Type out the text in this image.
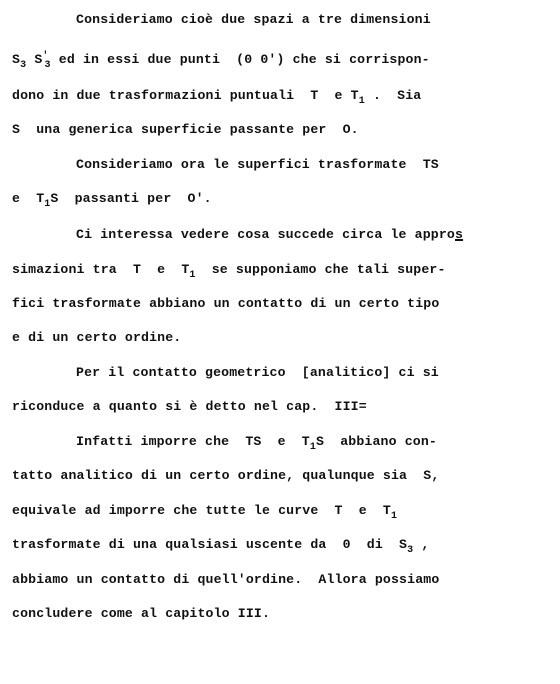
Consideriamo cioè due spazi a tre dimensioni
$S_3$ $S'_3$ ed in essi due punti  (0 0') che si corrispon-
dono in due trasformazioni puntuali  T  e $T_1$ .  Sia
S  una generica superficie passante per  O.
Consideriamo ora le superfici trasformate  TS
e  $T_1S$  passanti per  O'.
Ci interessa vedere cosa succede circa le appros
simazioni tra  T  e  $T_1$  se supponiamo che tali super-
fici trasformate abbiano un contatto di un certo tipo
e di un certo ordine.
Per il contatto geometrico  [analitico] ci si
riconduce a quanto si è detto nel cap.  III=
Infatti imporre che  TS  e  $T_1S$  abbiano con-
tatto analitico di un certo ordine, qualunque sia  S,
equivale ad imporre che tutte le curve  T  e  $T_1$
trasformate di una qualsiasi uscente da  0  di  $S_3$ ,
abbiamo un contatto di quell'ordine.  Allora possiamo
concludere come al capitolo III.
